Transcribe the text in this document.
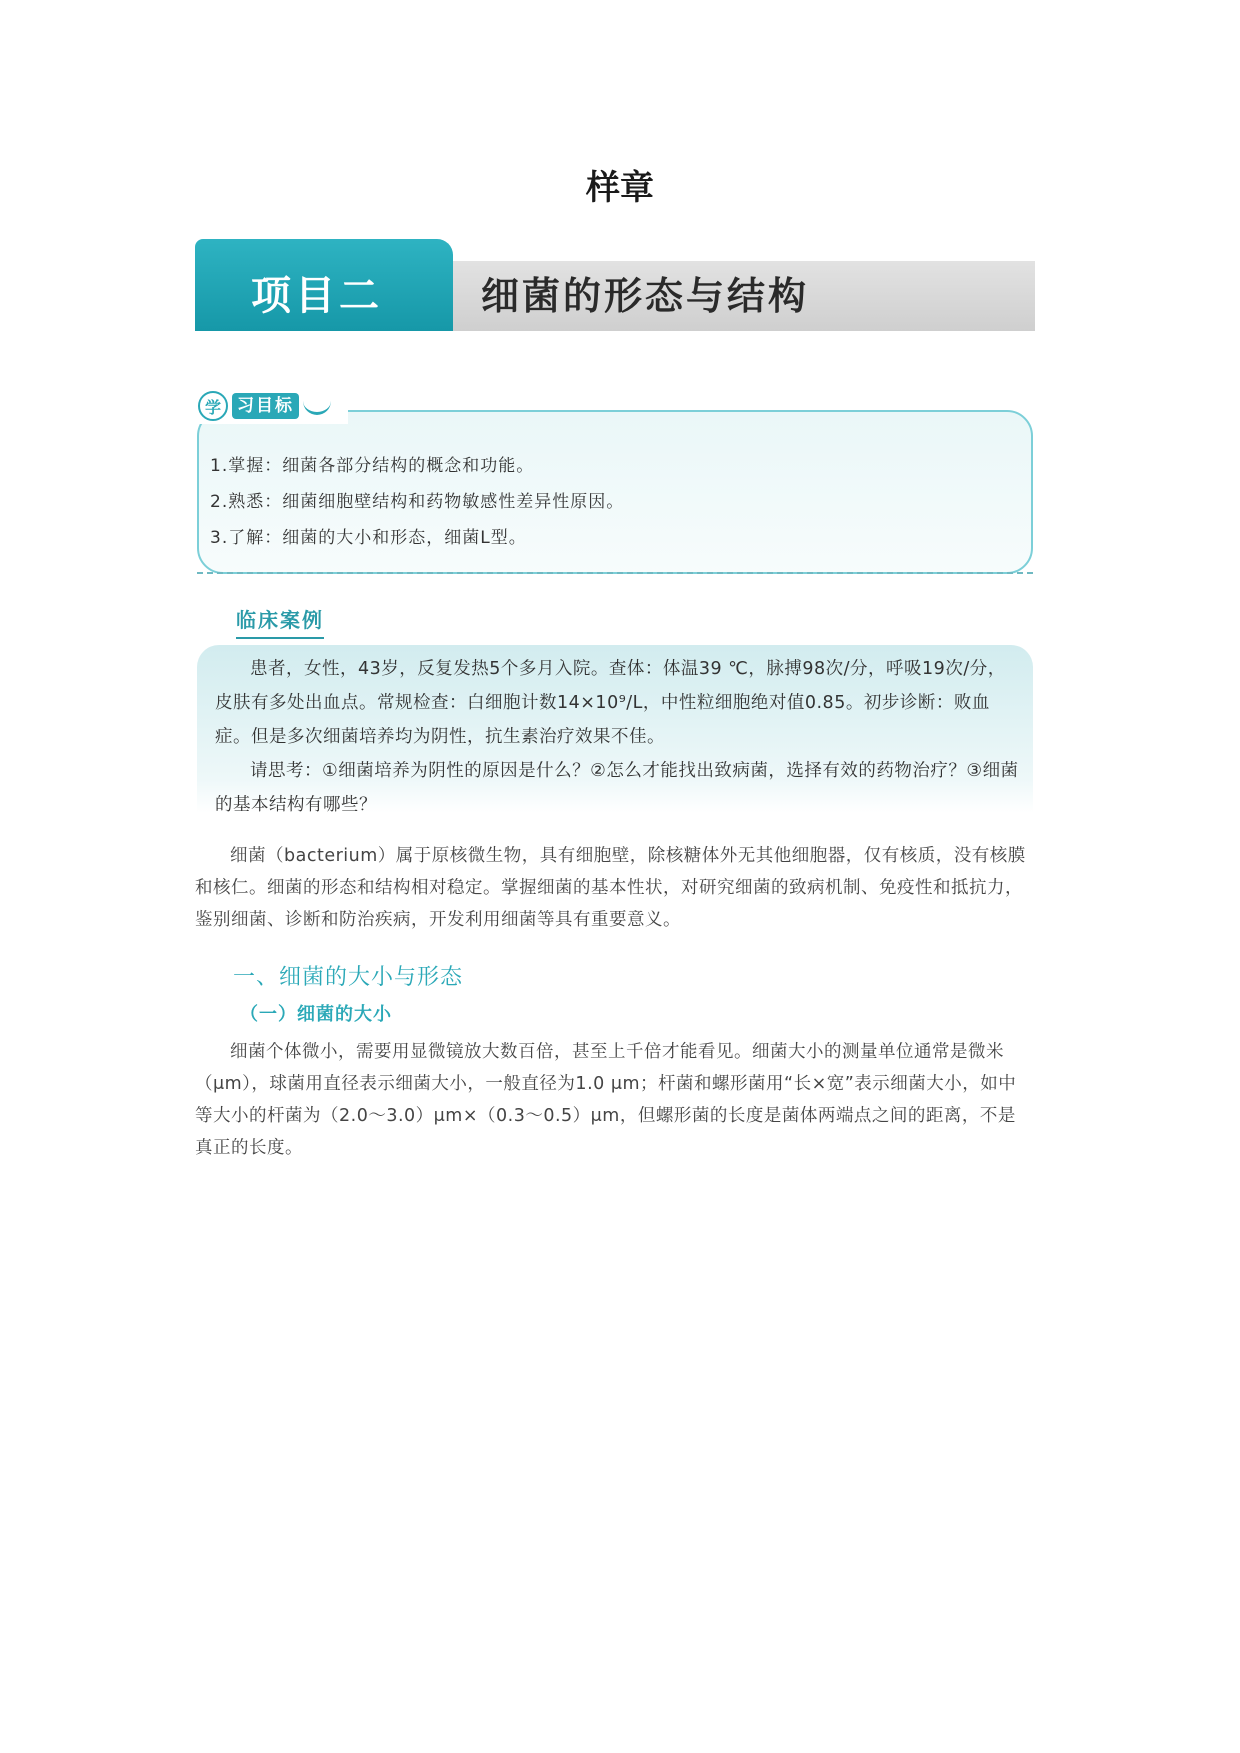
样章
项目二	细菌的形态与结构
学 习目标
1.掌握：细菌各部分结构的概念和功能。
2.熟悉：细菌细胞壁结构和药物敏感性差异性原因。
3.了解：细菌的大小和形态，细菌L型。
临床案例

患者，女性，43岁，反复发热5个多月入院。查体：体温39 ℃，脉搏98次/分，呼吸19次/分，皮肤有多处出血点。常规检查：白细胞计数14×10⁹/L，中性粒细胞绝对值0.85。初步诊断：败血症。但是多次细菌培养均为阴性，抗生素治疗效果不佳。

请思考：①细菌培养为阴性的原因是什么？②怎么才能找出致病菌，选择有效的药物治疗？③细菌的基本结构有哪些？

细菌（bacterium）属于原核微生物，具有细胞壁，除核糖体外无其他细胞器，仅有核质，没有核膜和核仁。细菌的形态和结构相对稳定。掌握细菌的基本性状，对研究细菌的致病机制、免疫性和抵抗力，鉴别细菌、诊断和防治疾病，开发利用细菌等具有重要意义。

一、细菌的大小与形态
（一）细菌的大小

细菌个体微小，需要用显微镜放大数百倍，甚至上千倍才能看见。细菌大小的测量单位通常是微米（μm），球菌用直径表示细菌大小，一般直径为1.0 μm；杆菌和螺形菌用“长×宽”表示细菌大小，如中等大小的杆菌为（2.0～3.0）μm×（0.3～0.5）μm，但螺形菌的长度是菌体两端点之间的距离，不是真正的长度。
